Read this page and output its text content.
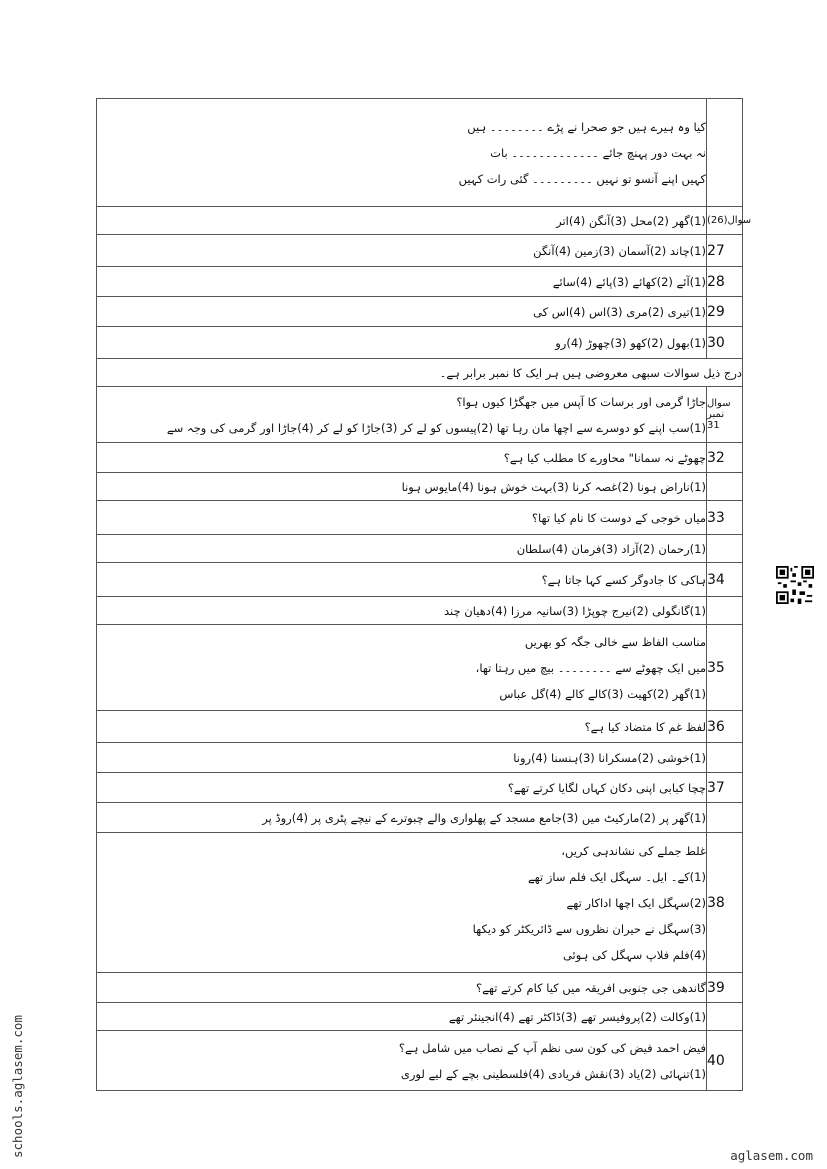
کیا وہ ہیرے ہیں جو صحرا نے پڑے ۔۔۔۔۔۔۔۔ ہیں
نہ بہت دور پہنچ جائے ۔۔۔۔۔۔۔۔۔۔۔۔۔ بات
کہیں اپنے آنسو تو نہیں ۔۔۔۔۔۔۔۔۔ گئی رات کہیں	

(1)گھر (2)محل (3)آنگن (4)اتر	سوال(26)

(1)چاند (2)آسمان (3)زمین (4)آنگن	27

(1)آئے (2)کھائے (3)پائے (4)سائے	28

(1)تیری (2)مری (3)اس (4)اس کی	29

(1)بھول (2)کھو (3)چھوڑ (4)رو	30

درج ذیل سوالات سبھی معروضی ہیں ہر ایک کا نمبر برابر ہے۔	

جاڑا گرمی اور برسات کا آپس میں جھگڑا کیوں ہوا؟
(1)سب اپنے کو دوسرے سے اچھا مان رہا تھا (2)پیسوں کو لے کر (3)جاڑا کو لے کر (4)جاڑا اور گرمی کی وجہ سے	سوال نمبر
31

چھوٹے نہ سمانا" محاورے کا مطلب کیا ہے؟	32

(1)ناراض ہونا (2)غصہ کرنا (3)بہت خوش ہونا (4)مایوس ہونا	

میاں خوجی کے دوست کا نام کیا تھا؟	33

(1)رحمان (2)آزاد (3)فرمان (4)سلطان	

ہاکی کا جادوگر کسے کہا جاتا ہے؟	34

(1)گانگولی (2)نیرج چوپڑا (3)سانیہ مرزا (4)دھیان چند	

مناسب الفاظ سے خالی جگہ کو بھریں
میں ایک چھوٹے سے ۔۔۔۔۔۔۔۔ بیچ میں رہتا تھا،
(1)گھر (2)کھیت (3)کالے کالے (4)گل عباس	35

لفظ غم کا متضاد کیا ہے؟	36

(1)خوشی (2)مسکرانا (3)ہنسنا (4)رونا	

چچا کبابی اپنی دکان کہاں لگایا کرتے تھے؟	37

(1)گھر پر (2)مارکیٹ میں (3)جامع مسجد کے پھلواری والے چبوترے کے نیچے پٹری پر (4)روڈ پر	

غلط جملے کی نشاندہی کریں،
(1)کے۔ ایل۔ سہگل ایک فلم ساز تھے
(2)سہگل ایک اچھا اداکار تھے
(3)سہگل نے حیران نظروں سے ڈائریکٹر کو دیکھا
(4)فلم فلاپ سہگل کی ہوئی	38

گاندھی جی جنوبی افریقہ میں کیا کام کرتے تھے؟	39

(1)وکالت (2)پروفیسر تھے (3)ڈاکٹر تھے (4)انجینئر تھے	

فیض احمد فیض کی کون سی نظم آپ کے نصاب میں شامل ہے؟
(1)تنہائی (2)یاد (3)نقش فریادی (4)فلسطینی بچے کے لیے لوری	40
schools.aglasem.com	aglasem.com
